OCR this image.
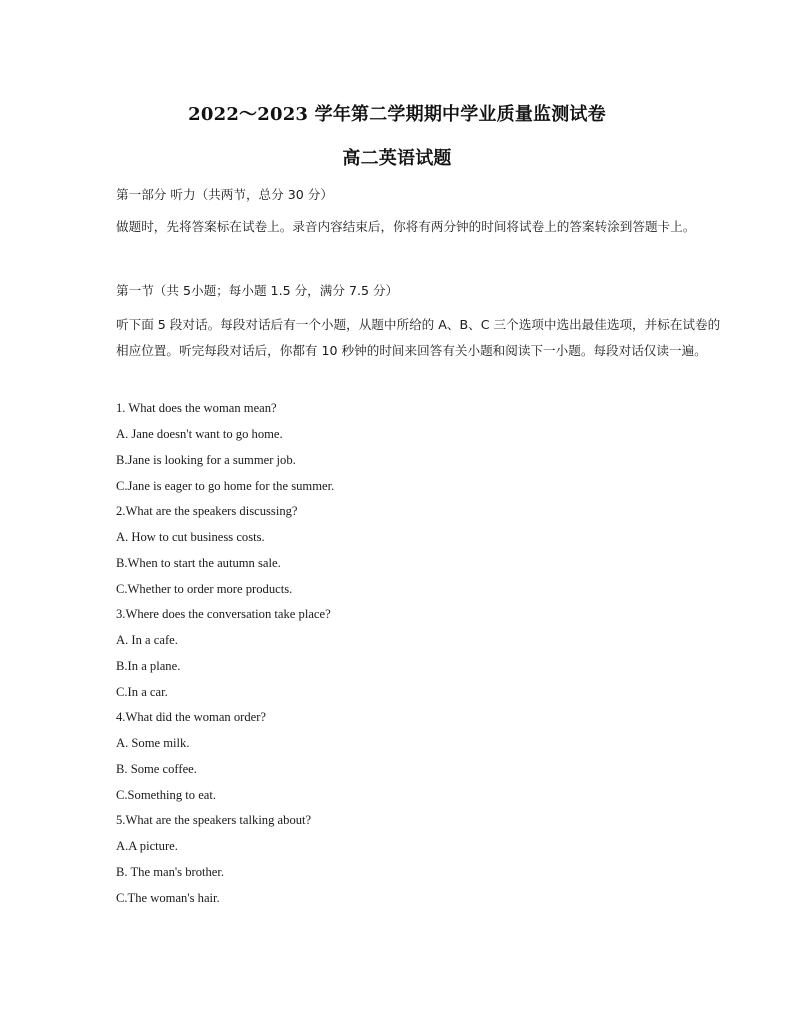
2022～2023 学年第二学期期中学业质量监测试卷
高二英语试题
第一部分 听力（共两节，总分 30 分）
做题时，先将答案标在试卷上。录音内容结束后，你将有两分钟的时间将试卷上的答案转涂到答题卡上。
第一节（共 5小题；每小题 1.5 分，满分 7.5 分）
听下面 5 段对话。每段对话后有一个小题，从题中所给的 A、B、C 三个选项中选出最佳选项，并标在试卷的相应位置。听完每段对话后，你都有 10 秒钟的时间来回答有关小题和阅读下一小题。每段对话仅读一遍。
1. What does the woman mean?
A. Jane doesn't want to go home.
B.Jane is looking for a summer job.
C.Jane is eager to go home for the summer.
2.What are the speakers discussing?
A. How to cut business costs.
B.When to start the autumn sale.
C.Whether to order more products.
3.Where does the conversation take place?
A. In a cafe.
B.In a plane.
C.In a car.
4.What did the woman order?
A. Some milk.
B. Some coffee.
C.Something to eat.
5.What are the speakers talking about?
A.A picture.
B. The man's brother.
C.The woman's hair.
